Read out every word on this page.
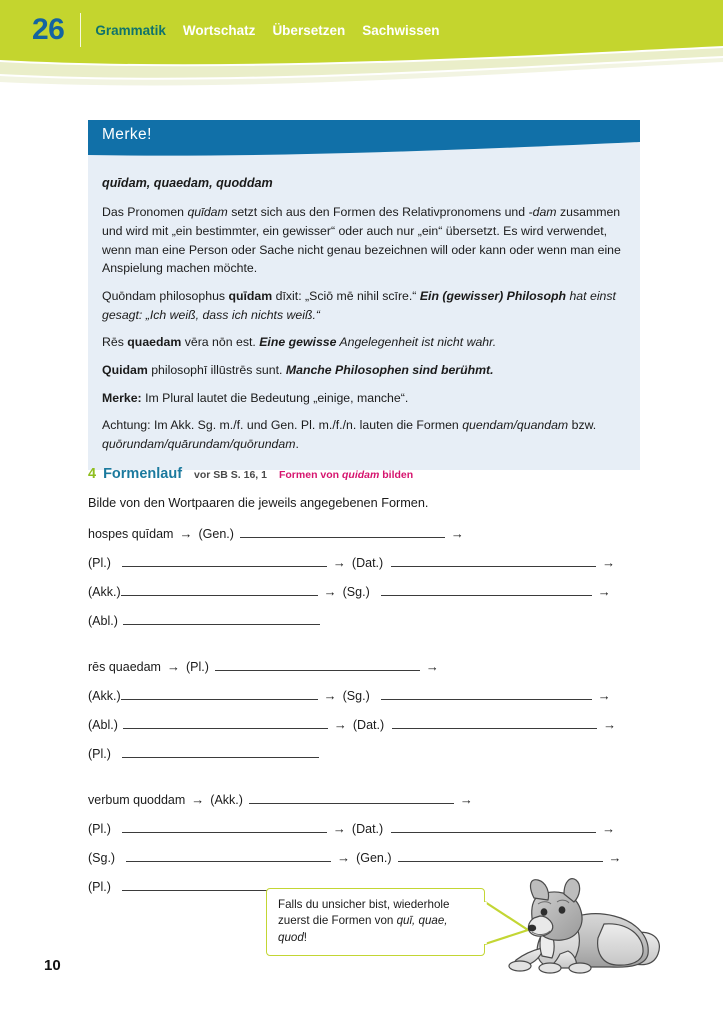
26 Grammatik Wortschatz Übersetzen Sachwissen
Merke!
quīdam, quaedam, quoddam
Das Pronomen quīdam setzt sich aus den Formen des Relativpronomens und -dam zusammen und wird mit „ein bestimmter, ein gewisser“ oder auch nur „ein“ übersetzt. Es wird verwendet, wenn man eine Person oder Sache nicht genau bezeichnen will oder kann oder wenn man eine Anspielung machen möchte.
Quōndam philosophus quīdam dīxit: „Sciō mē nihil scīre.“ Ein (gewisser) Philosoph hat einst gesagt: „Ich weiß, dass ich nichts weiß.“
Rēs quaedam vēra nōn est. Eine gewisse Angelegenheit ist nicht wahr.
Quidam philosophī illūstrēs sunt. Manche Philosophen sind berühmt.
Merke: Im Plural lautet die Bedeutung „einige, manche“.
Achtung: Im Akk. Sg. m./f. und Gen. Pl. m./f./n. lauten die Formen quendam/quandam bzw. quōrundam/quārundam/quōrundam.
4 Formenlauf vor SB S. 16, 1 Formen von quidam bilden
Bilde von den Wortpaaren die jeweils angegebenen Formen.
hospes quīdam → (Gen.)	→
(Pl.)	→ (Dat.)	→
(Akk.)	→ (Sg.)	→
(Abl.)
rēs quaedam → (Pl.)	→
(Akk.)	→ (Sg.)	→
(Abl.)	→ (Dat.)	→
(Pl.)
verbum quoddam → (Akk.)	→
(Pl.)	→ (Dat.)	→
(Sg.)	→ (Gen.)	→
(Pl.)
Falls du unsicher bist, wiederhole zuerst die Formen von quī, quae, quod!
10
